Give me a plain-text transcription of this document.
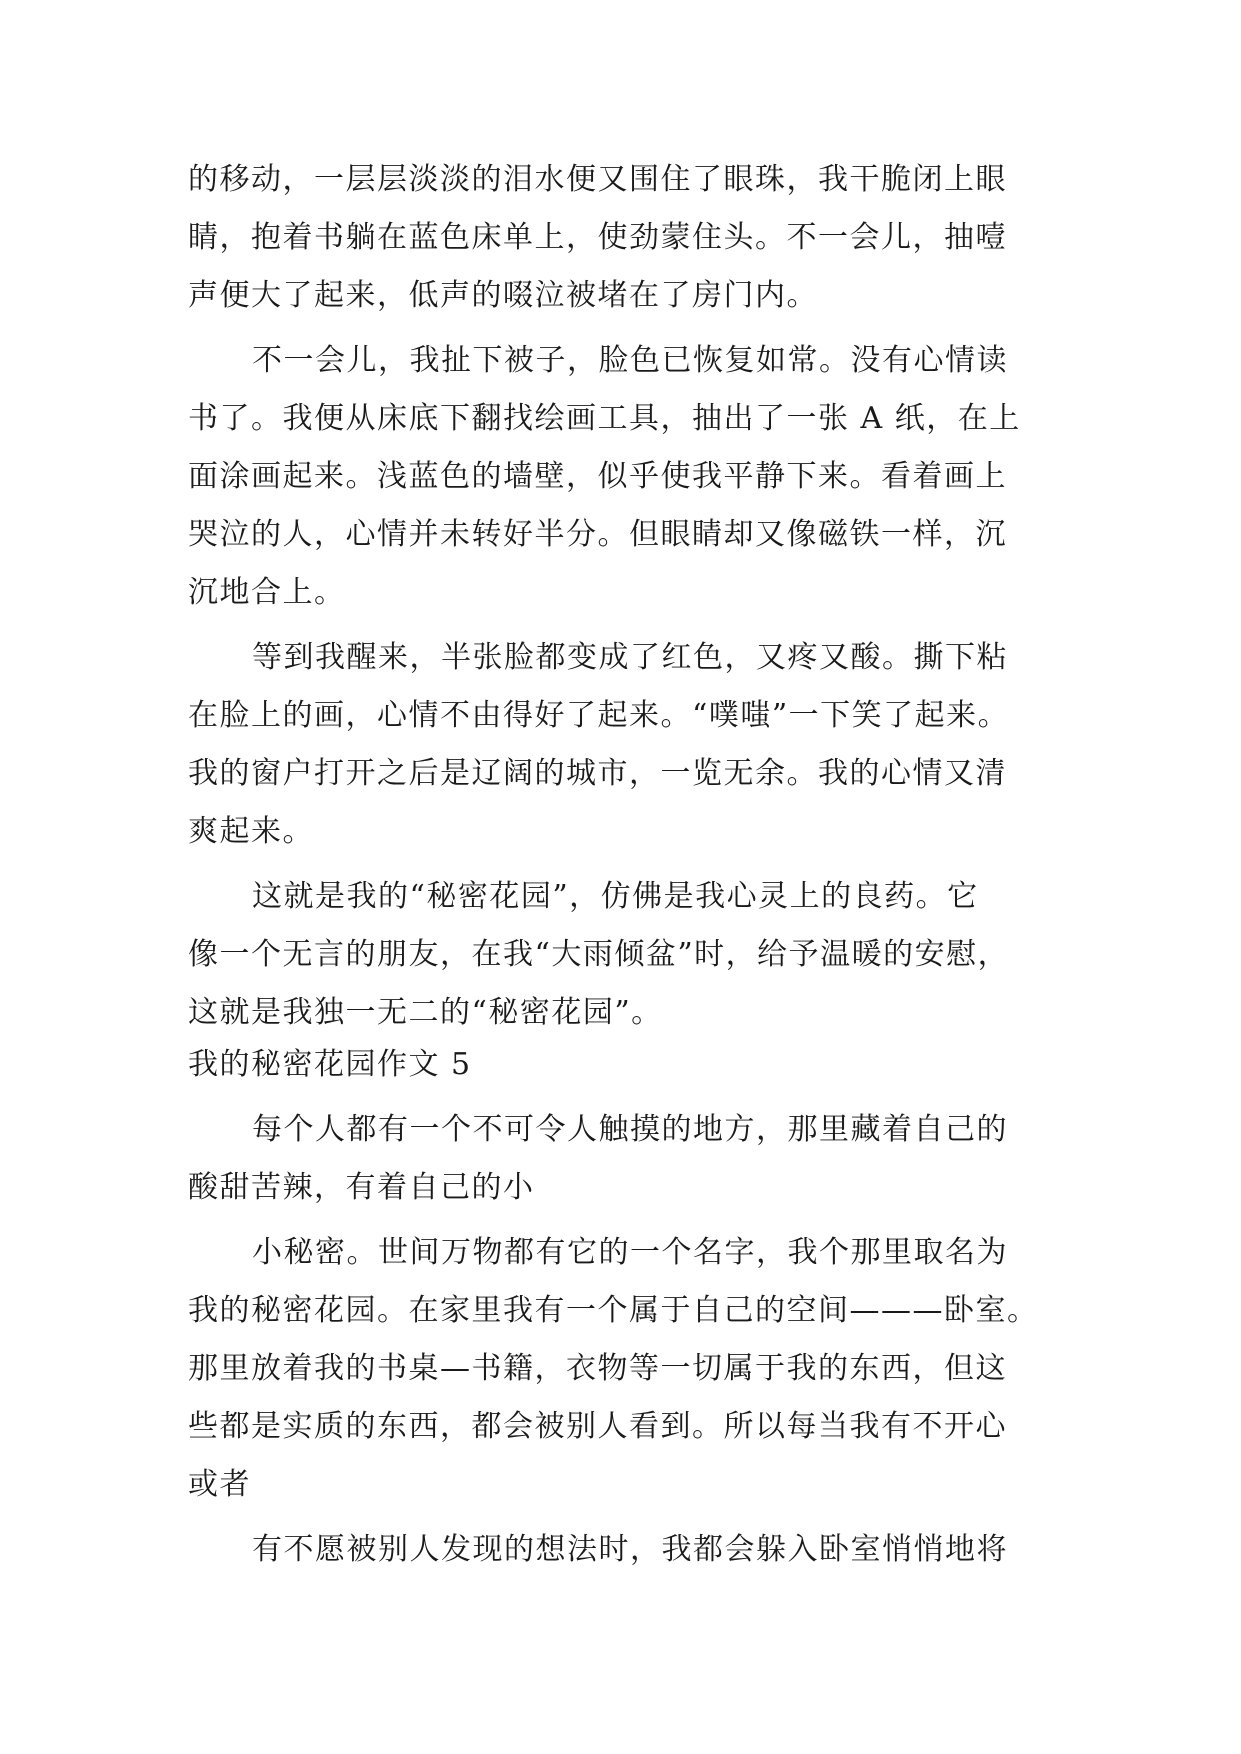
的移动，一层层淡淡的泪水便又围住了眼珠，我干脆闭上眼
睛，抱着书躺在蓝色床单上，使劲蒙住头。不一会儿，抽噎
声便大了起来，低声的啜泣被堵在了房门内。
不一会儿，我扯下被子，脸色已恢复如常。没有心情读
书了。我便从床底下翻找绘画工具，抽出了一张 A 纸，在上
面涂画起来。浅蓝色的墙壁，似乎使我平静下来。看着画上
哭泣的人，心情并未转好半分。但眼睛却又像磁铁一样，沉
沉地合上。
等到我醒来，半张脸都变成了红色，又疼又酸。撕下粘
在脸上的画，心情不由得好了起来。“噗嗤”一下笑了起来。
我的窗户打开之后是辽阔的城市，一览无余。我的心情又清
爽起来。
这就是我的“秘密花园”，仿佛是我心灵上的良药。它
像一个无言的朋友，在我“大雨倾盆”时，给予温暖的安慰，
这就是我独一无二的“秘密花园”。
我的秘密花园作文 5
每个人都有一个不可令人触摸的地方，那里藏着自己的
酸甜苦辣，有着自己的小
小秘密。世间万物都有它的一个名字，我个那里取名为
我的秘密花园。在家里我有一个属于自己的空间———卧室。
那里放着我的书桌—书籍，衣物等一切属于我的东西，但这
些都是实质的东西，都会被别人看到。所以每当我有不开心
或者
有不愿被别人发现的想法时，我都会躲入卧室悄悄地将
